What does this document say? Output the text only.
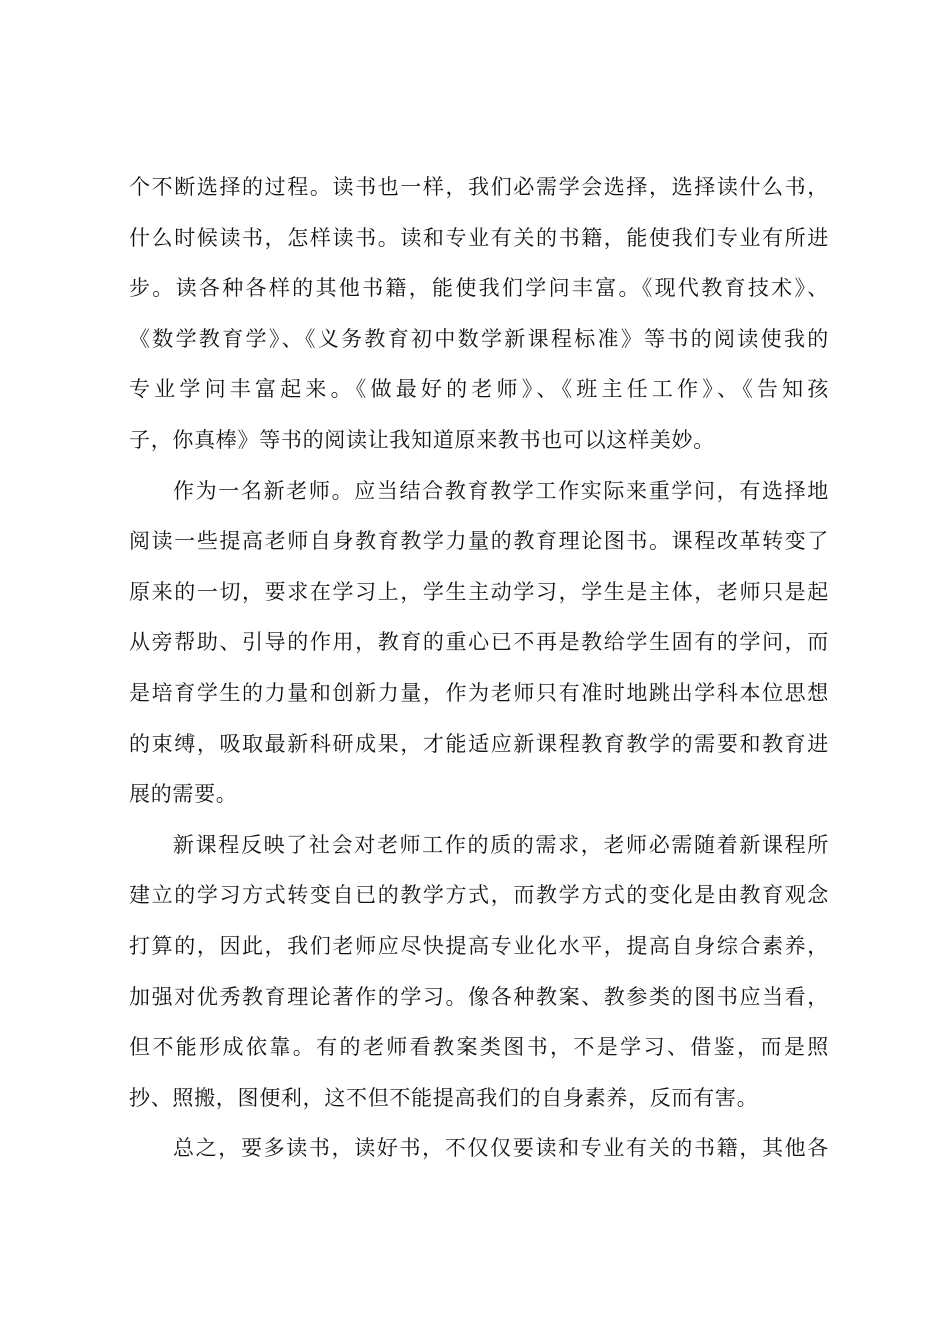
个不断选择的过程。读书也一样，我们必需学会选择，选择读什么书，
什么时候读书，怎样读书。读和专业有关的书籍，能使我们专业有所进
步。读各种各样的其他书籍，能使我们学问丰富。《现代教育技术》、
《数学教育学》、《义务教育初中数学新课程标准》等书的阅读使我的
专业学问丰富起来。《做最好的老师》、《班主任工作》、《告知孩
子，你真棒》等书的阅读让我知道原来教书也可以这样美妙。
作为一名新老师。应当结合教育教学工作实际来重学问，有选择地
阅读一些提高老师自身教育教学力量的教育理论图书。课程改革转变了
原来的一切，要求在学习上，学生主动学习，学生是主体，老师只是起
从旁帮助、引导的作用，教育的重心已不再是教给学生固有的学问，而
是培育学生的力量和创新力量，作为老师只有准时地跳出学科本位思想
的束缚，吸取最新科研成果，才能适应新课程教育教学的需要和教育进
展的需要。
新课程反映了社会对老师工作的质的需求，老师必需随着新课程所
建立的学习方式转变自已的教学方式，而教学方式的变化是由教育观念
打算的，因此，我们老师应尽快提高专业化水平，提高自身综合素养，
加强对优秀教育理论著作的学习。像各种教案、教参类的图书应当看，
但不能形成依靠。有的老师看教案类图书，不是学习、借鉴，而是照
抄、照搬，图便利，这不但不能提高我们的自身素养，反而有害。
总之，要多读书，读好书，不仅仅要读和专业有关的书籍，其他各
